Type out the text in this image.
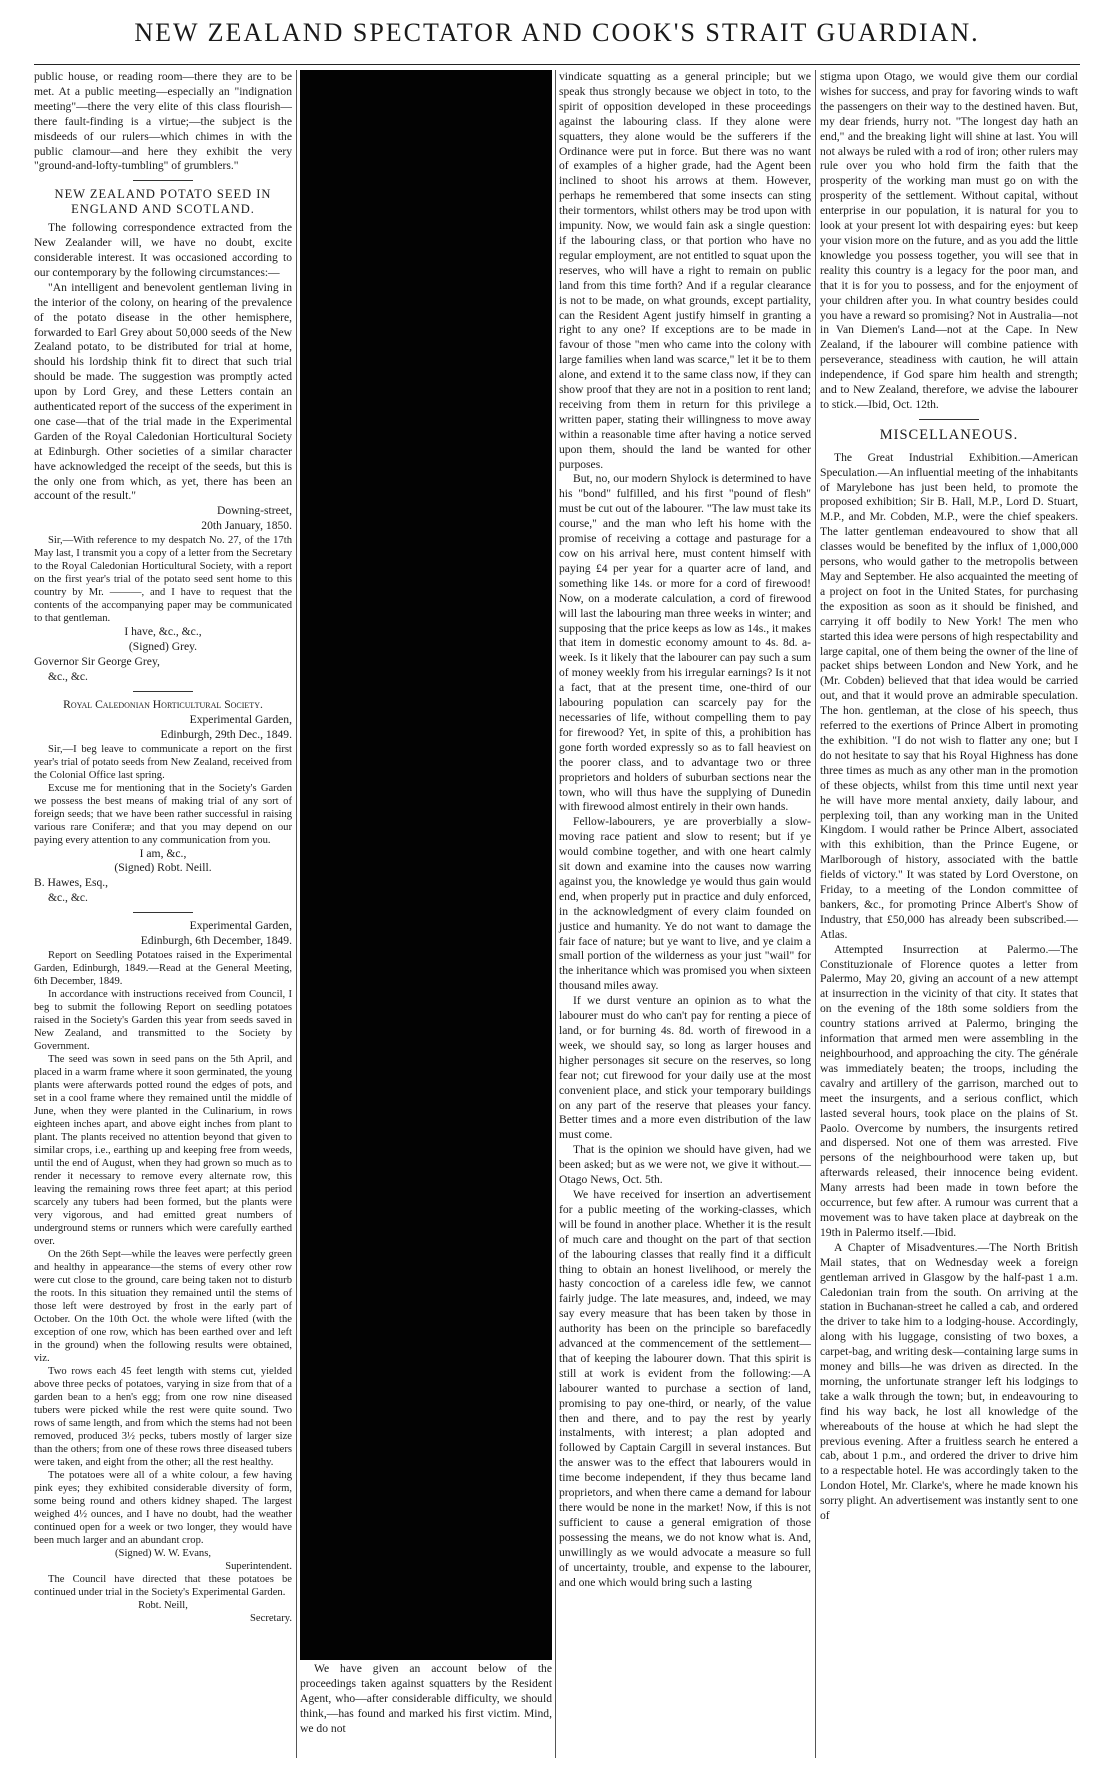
NEW ZEALAND SPECTATOR AND COOK'S STRAIT GUARDIAN.

public house, or reading room—there they are to be met. At a public meeting—especially an "indignation meeting"—there the very elite of this class flourish—there fault-finding is a virtue;—the subject is the misdeeds of our rulers—which chimes in with the public clamour—and here they exhibit the very "ground-and-lofty-tumbling" of grumblers."

NEW ZEALAND POTATO SEED IN ENGLAND AND SCOTLAND.

The following correspondence extracted from the New Zealander will, we have no doubt, excite considerable interest. It was occasioned according to our contemporary by the following circumstances:—

"An intelligent and benevolent gentleman living in the interior of the colony, on hearing of the prevalence of the potato disease in the other hemisphere, forwarded to Earl Grey about 50,000 seeds of the New Zealand potato, to be distributed for trial at home, should his lordship think fit to direct that such trial should be made. The suggestion was promptly acted upon by Lord Grey, and these Letters contain an authenticated report of the success of the experiment in one case—that of the trial made in the Experimental Garden of the Royal Caledonian Horticultural Society at Edinburgh. Other societies of a similar character have acknowledged the receipt of the seeds, but this is the only one from which, as yet, there has been an account of the result."

Downing-street,

20th January, 1850.

Sir,—With reference to my despatch No. 27, of the 17th May last, I transmit you a copy of a letter from the Secretary to the Royal Caledonian Horticultural Society, with a report on the first year's trial of the potato seed sent home to this country by Mr. ———, and I have to request that the contents of the accompanying paper may be communicated to that gentleman.

I have, &c., &c.,

(Signed) Grey.

Governor Sir George Grey,

&c., &c.

Royal Caledonian Horticultural Society.

Experimental Garden,

Edinburgh, 29th Dec., 1849.

Sir,—I beg leave to communicate a report on the first year's trial of potato seeds from New Zealand, received from the Colonial Office last spring.

Excuse me for mentioning that in the Society's Garden we possess the best means of making trial of any sort of foreign seeds; that we have been rather successful in raising various rare Coniferæ; and that you may depend on our paying every attention to any communication from you.

I am, &c.,

(Signed) Robt. Neill.

B. Hawes, Esq.,

&c., &c.

Experimental Garden,

Edinburgh, 6th December, 1849.

Report on Seedling Potatoes raised in the Experimental Garden, Edinburgh, 1849.—Read at the General Meeting, 6th December, 1849.

In accordance with instructions received from Council, I beg to submit the following Report on seedling potatoes raised in the Society's Garden this year from seeds saved in New Zealand, and transmitted to the Society by Government.

The seed was sown in seed pans on the 5th April, and placed in a warm frame where it soon germinated, the young plants were afterwards potted round the edges of pots, and set in a cool frame where they remained until the middle of June, when they were planted in the Culinarium, in rows eighteen inches apart, and above eight inches from plant to plant. The plants received no attention beyond that given to similar crops, i.e., earthing up and keeping free from weeds, until the end of August, when they had grown so much as to render it necessary to remove every alternate row, this leaving the remaining rows three feet apart; at this period scarcely any tubers had been formed, but the plants were very vigorous, and had emitted great numbers of underground stems or runners which were carefully earthed over.

On the 26th Sept—while the leaves were perfectly green and healthy in appearance—the stems of every other row were cut close to the ground, care being taken not to disturb the roots. In this situation they remained until the stems of those left were destroyed by frost in the early part of October. On the 10th Oct. the whole were lifted (with the exception of one row, which has been earthed over and left in the ground) when the following results were obtained, viz.

Two rows each 45 feet length with stems cut, yielded above three pecks of potatoes, varying in size from that of a garden bean to a hen's egg; from one row nine diseased tubers were picked while the rest were quite sound. Two rows of same length, and from which the stems had not been removed, produced 3½ pecks, tubers mostly of larger size than the others; from one of these rows three diseased tubers were taken, and eight from the other; all the rest healthy.

The potatoes were all of a white colour, a few having pink eyes; they exhibited considerable diversity of form, some being round and others kidney shaped. The largest weighed 4½ ounces, and I have no doubt, had the weather continued open for a week or two longer, they would have been much larger and an abundant crop.

(Signed) W. W. Evans,

Superintendent.

The Council have directed that these potatoes be continued under trial in the Society's Experimental Garden.

Robt. Neill,

Secretary.

We have given an account below of the proceedings taken against squatters by the Resident Agent, who—after considerable difficulty, we should think,—has found and marked his first victim. Mind, we do not

vindicate squatting as a general principle; but we speak thus strongly because we object in toto, to the spirit of opposition developed in these proceedings against the labouring class. If they alone were squatters, they alone would be the sufferers if the Ordinance were put in force. But there was no want of examples of a higher grade, had the Agent been inclined to shoot his arrows at them. However, perhaps he remembered that some insects can sting their tormentors, whilst others may be trod upon with impunity. Now, we would fain ask a single question: if the labouring class, or that portion who have no regular employment, are not entitled to squat upon the reserves, who will have a right to remain on public land from this time forth? And if a regular clearance is not to be made, on what grounds, except partiality, can the Resident Agent justify himself in granting a right to any one? If exceptions are to be made in favour of those "men who came into the colony with large families when land was scarce," let it be to them alone, and extend it to the same class now, if they can show proof that they are not in a position to rent land; receiving from them in return for this privilege a written paper, stating their willingness to move away within a reasonable time after having a notice served upon them, should the land be wanted for other purposes.

But, no, our modern Shylock is determined to have his "bond" fulfilled, and his first "pound of flesh" must be cut out of the labourer. "The law must take its course," and the man who left his home with the promise of receiving a cottage and pasturage for a cow on his arrival here, must content himself with paying £4 per year for a quarter acre of land, and something like 14s. or more for a cord of firewood! Now, on a moderate calculation, a cord of firewood will last the labouring man three weeks in winter; and supposing that the price keeps as low as 14s., it makes that item in domestic economy amount to 4s. 8d. a-week. Is it likely that the labourer can pay such a sum of money weekly from his irregular earnings? Is it not a fact, that at the present time, one-third of our labouring population can scarcely pay for the necessaries of life, without compelling them to pay for firewood? Yet, in spite of this, a prohibition has gone forth worded expressly so as to fall heaviest on the poorer class, and to advantage two or three proprietors and holders of suburban sections near the town, who will thus have the supplying of Dunedin with firewood almost entirely in their own hands.

Fellow-labourers, ye are proverbially a slow-moving race patient and slow to resent; but if ye would combine together, and with one heart calmly sit down and examine into the causes now warring against you, the knowledge ye would thus gain would end, when properly put in practice and duly enforced, in the acknowledgment of every claim founded on justice and humanity. Ye do not want to damage the fair face of nature; but ye want to live, and ye claim a small portion of the wilderness as your just "wail" for the inheritance which was promised you when sixteen thousand miles away.

If we durst venture an opinion as to what the labourer must do who can't pay for renting a piece of land, or for burning 4s. 8d. worth of firewood in a week, we should say, so long as larger houses and higher personages sit secure on the reserves, so long fear not; cut firewood for your daily use at the most convenient place, and stick your temporary buildings on any part of the reserve that pleases your fancy. Better times and a more even distribution of the law must come.

That is the opinion we should have given, had we been asked; but as we were not, we give it without.—Otago News, Oct. 5th.

We have received for insertion an advertisement for a public meeting of the working-classes, which will be found in another place. Whether it is the result of much care and thought on the part of that section of the labouring classes that really find it a difficult thing to obtain an honest livelihood, or merely the hasty concoction of a careless idle few, we cannot fairly judge. The late measures, and, indeed, we may say every measure that has been taken by those in authority has been on the principle so barefacedly advanced at the commencement of the settlement—that of keeping the labourer down. That this spirit is still at work is evident from the following:—A labourer wanted to purchase a section of land, promising to pay one-third, or nearly, of the value then and there, and to pay the rest by yearly instalments, with interest; a plan adopted and followed by Captain Cargill in several instances. But the answer was to the effect that labourers would in time become independent, if they thus became land proprietors, and when there came a demand for labour there would be none in the market! Now, if this is not sufficient to cause a general emigration of those possessing the means, we do not know what is. And, unwillingly as we would advocate a measure so full of uncertainty, trouble, and expense to the labourer, and one which would bring such a lasting

stigma upon Otago, we would give them our cordial wishes for success, and pray for favoring winds to waft the passengers on their way to the destined haven. But, my dear friends, hurry not. "The longest day hath an end," and the breaking light will shine at last. You will not always be ruled with a rod of iron; other rulers may rule over you who hold firm the faith that the prosperity of the working man must go on with the prosperity of the settlement. Without capital, without enterprise in our population, it is natural for you to look at your present lot with despairing eyes: but keep your vision more on the future, and as you add the little knowledge you possess together, you will see that in reality this country is a legacy for the poor man, and that it is for you to possess, and for the enjoyment of your children after you. In what country besides could you have a reward so promising? Not in Australia—not in Van Diemen's Land—not at the Cape. In New Zealand, if the labourer will combine patience with perseverance, steadiness with caution, he will attain independence, if God spare him health and strength; and to New Zealand, therefore, we advise the labourer to stick.—Ibid, Oct. 12th.

MISCELLANEOUS.

The Great Industrial Exhibition.—American Speculation.—An influential meeting of the inhabitants of Marylebone has just been held, to promote the proposed exhibition; Sir B. Hall, M.P., Lord D. Stuart, M.P., and Mr. Cobden, M.P., were the chief speakers. The latter gentleman endeavoured to show that all classes would be benefited by the influx of 1,000,000 persons, who would gather to the metropolis between May and September. He also acquainted the meeting of a project on foot in the United States, for purchasing the exposition as soon as it should be finished, and carrying it off bodily to New York! The men who started this idea were persons of high respectability and large capital, one of them being the owner of the line of packet ships between London and New York, and he (Mr. Cobden) believed that that idea would be carried out, and that it would prove an admirable speculation. The hon. gentleman, at the close of his speech, thus referred to the exertions of Prince Albert in promoting the exhibition. "I do not wish to flatter any one; but I do not hesitate to say that his Royal Highness has done three times as much as any other man in the promotion of these objects, whilst from this time until next year he will have more mental anxiety, daily labour, and perplexing toil, than any working man in the United Kingdom. I would rather be Prince Albert, associated with this exhibition, than the Prince Eugene, or Marlborough of history, associated with the battle fields of victory." It was stated by Lord Overstone, on Friday, to a meeting of the London committee of bankers, &c., for promoting Prince Albert's Show of Industry, that £50,000 has already been subscribed.—Atlas.

Attempted Insurrection at Palermo.—The Constituzionale of Florence quotes a letter from Palermo, May 20, giving an account of a new attempt at insurrection in the vicinity of that city. It states that on the evening of the 18th some soldiers from the country stations arrived at Palermo, bringing the information that armed men were assembling in the neighbourhood, and approaching the city. The générale was immediately beaten; the troops, including the cavalry and artillery of the garrison, marched out to meet the insurgents, and a serious conflict, which lasted several hours, took place on the plains of St. Paolo. Overcome by numbers, the insurgents retired and dispersed. Not one of them was arrested. Five persons of the neighbourhood were taken up, but afterwards released, their innocence being evident. Many arrests had been made in town before the occurrence, but few after. A rumour was current that a movement was to have taken place at daybreak on the 19th in Palermo itself.—Ibid.

A Chapter of Misadventures.—The North British Mail states, that on Wednesday week a foreign gentleman arrived in Glasgow by the half-past 1 a.m. Caledonian train from the south. On arriving at the station in Buchanan-street he called a cab, and ordered the driver to take him to a lodging-house. Accordingly, along with his luggage, consisting of two boxes, a carpet-bag, and writing desk—containing large sums in money and bills—he was driven as directed. In the morning, the unfortunate stranger left his lodgings to take a walk through the town; but, in endeavouring to find his way back, he lost all knowledge of the whereabouts of the house at which he had slept the previous evening. After a fruitless search he entered a cab, about 1 p.m., and ordered the driver to drive him to a respectable hotel. He was accordingly taken to the London Hotel, Mr. Clarke's, where he made known his sorry plight. An advertisement was instantly sent to one of
